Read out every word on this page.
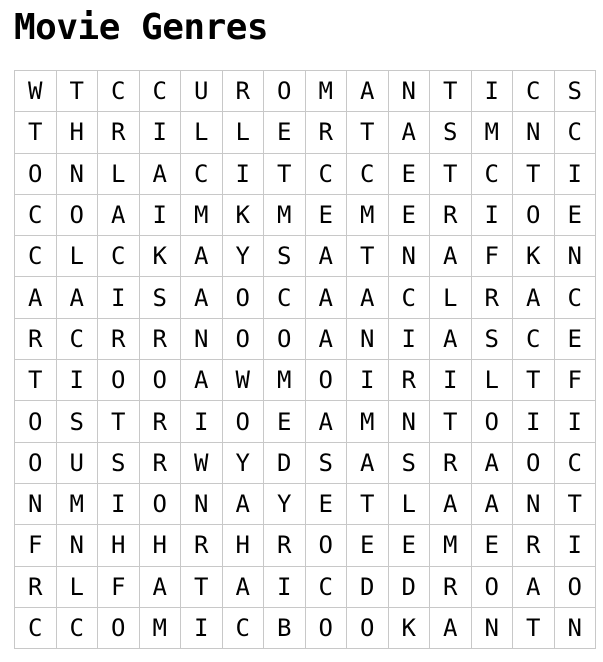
Movie Genres
W	T	C	C	U	R	O	M	A	N	T	I	C	S
T	H	R	I	L	L	E	R	T	A	S	M	N	C
O	N	L	A	C	I	T	C	C	E	T	C	T	I
C	O	A	I	M	K	M	E	M	E	R	I	O	E
C	L	C	K	A	Y	S	A	T	N	A	F	K	N
A	A	I	S	A	O	C	A	A	C	L	R	A	C
R	C	R	R	N	O	O	A	N	I	A	S	C	E
T	I	O	O	A	W	M	O	I	R	I	L	T	F
O	S	T	R	I	O	E	A	M	N	T	O	I	I
O	U	S	R	W	Y	D	S	A	S	R	A	O	C
N	M	I	O	N	A	Y	E	T	L	A	A	N	T
F	N	H	H	R	H	R	O	E	E	M	E	R	I
R	L	F	A	T	A	I	C	D	D	R	O	A	O
C	C	O	M	I	C	B	O	O	K	A	N	T	N
